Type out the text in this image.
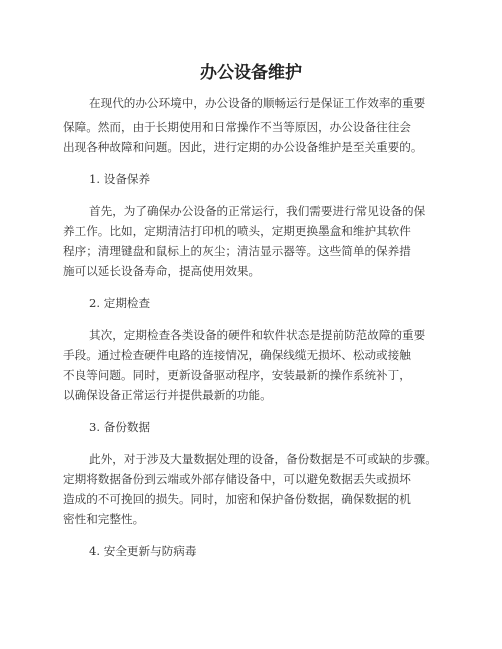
办公设备维护
在现代的办公环境中，办公设备的顺畅运行是保证工作效率的重要
保障。然而，由于长期使用和日常操作不当等原因，办公设备往往会
出现各种故障和问题。因此，进行定期的办公设备维护是至关重要的。
1. 设备保养
首先，为了确保办公设备的正常运行，我们需要进行常见设备的保
养工作。比如，定期清洁打印机的喷头，定期更换墨盒和维护其软件
程序；清理键盘和鼠标上的灰尘；清洁显示器等。这些简单的保养措
施可以延长设备寿命，提高使用效果。
2. 定期检查
其次，定期检查各类设备的硬件和软件状态是提前防范故障的重要
手段。通过检查硬件电路的连接情况，确保线缆无损坏、松动或接触
不良等问题。同时，更新设备驱动程序，安装最新的操作系统补丁，
以确保设备正常运行并提供最新的功能。
3. 备份数据
此外，对于涉及大量数据处理的设备，备份数据是不可或缺的步骤。
定期将数据备份到云端或外部存储设备中，可以避免数据丢失或损坏
造成的不可挽回的损失。同时，加密和保护备份数据，确保数据的机
密性和完整性。
4. 安全更新与防病毒
